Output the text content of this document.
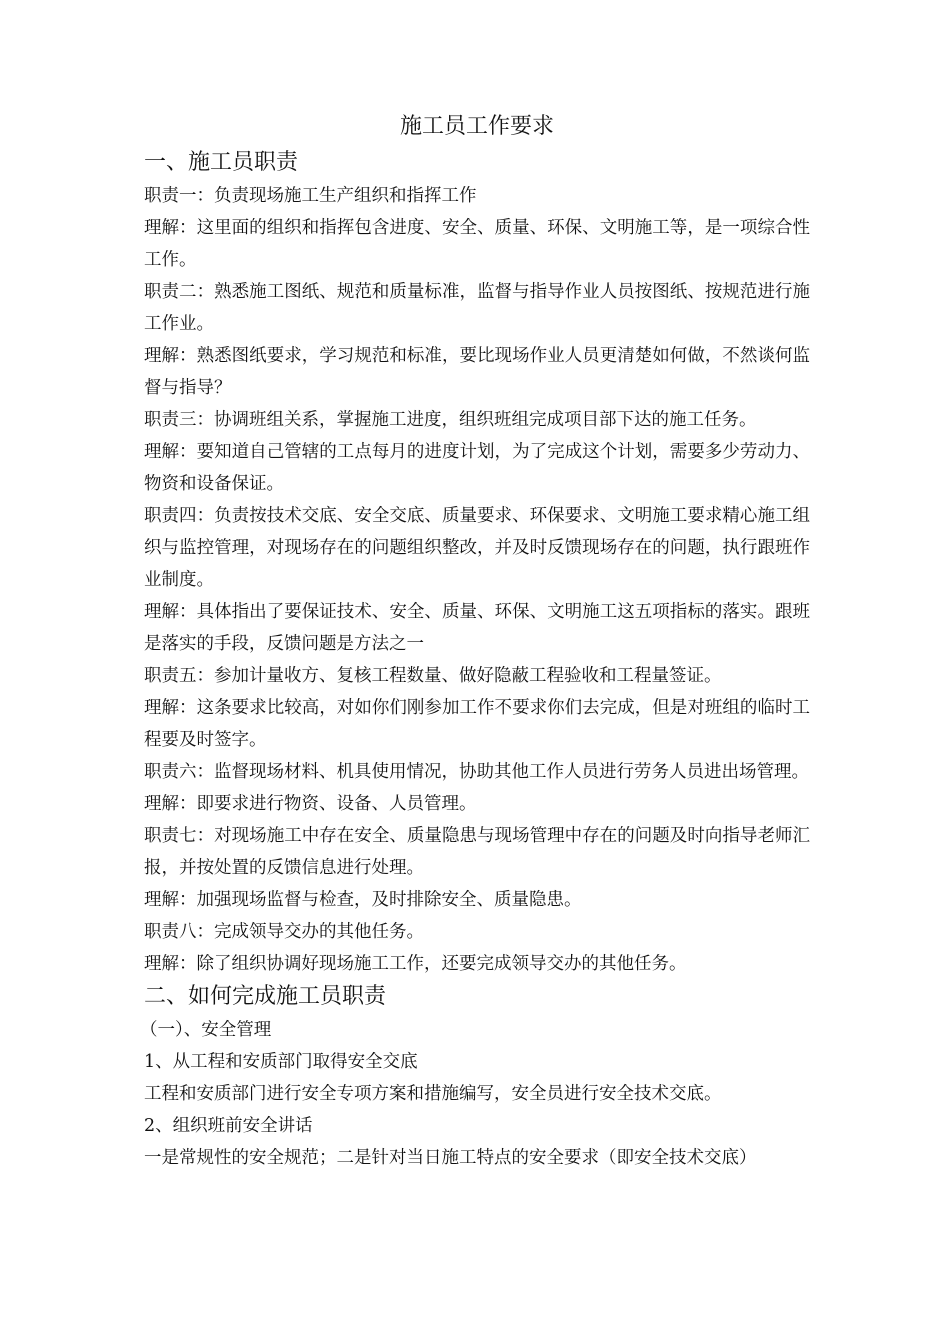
施工员工作要求
一、施工员职责

职责一：负责现场施工生产组织和指挥工作

理解：这里面的组织和指挥包含进度、安全、质量、环保、文明施工等，是一项综合性工作。

职责二：熟悉施工图纸、规范和质量标准，监督与指导作业人员按图纸、按规范进行施工作业。

理解：熟悉图纸要求，学习规范和标准，要比现场作业人员更清楚如何做，不然谈何监督与指导？

职责三：协调班组关系，掌握施工进度，组织班组完成项目部下达的施工任务。

理解：要知道自己管辖的工点每月的进度计划，为了完成这个计划，需要多少劳动力、物资和设备保证。

职责四：负责按技术交底、安全交底、质量要求、环保要求、文明施工要求精心施工组织与监控管理，对现场存在的问题组织整改，并及时反馈现场存在的问题，执行跟班作业制度。

理解：具体指出了要保证技术、安全、质量、环保、文明施工这五项指标的落实。跟班是落实的手段，反馈问题是方法之一

职责五：参加计量收方、复核工程数量、做好隐蔽工程验收和工程量签证。

理解：这条要求比较高，对如你们刚参加工作不要求你们去完成，但是对班组的临时工程要及时签字。

职责六：监督现场材料、机具使用情况，协助其他工作人员进行劳务人员进出场管理。

理解：即要求进行物资、设备、人员管理。

职责七：对现场施工中存在安全、质量隐患与现场管理中存在的问题及时向指导老师汇报，并按处置的反馈信息进行处理。

理解：加强现场监督与检查，及时排除安全、质量隐患。

职责八：完成领导交办的其他任务。

理解：除了组织协调好现场施工工作，还要完成领导交办的其他任务。

二、如何完成施工员职责

（一）、安全管理

1、从工程和安质部门取得安全交底

工程和安质部门进行安全专项方案和措施编写，安全员进行安全技术交底。

2、组织班前安全讲话

一是常规性的安全规范；二是针对当日施工特点的安全要求（即安全技术交底）
